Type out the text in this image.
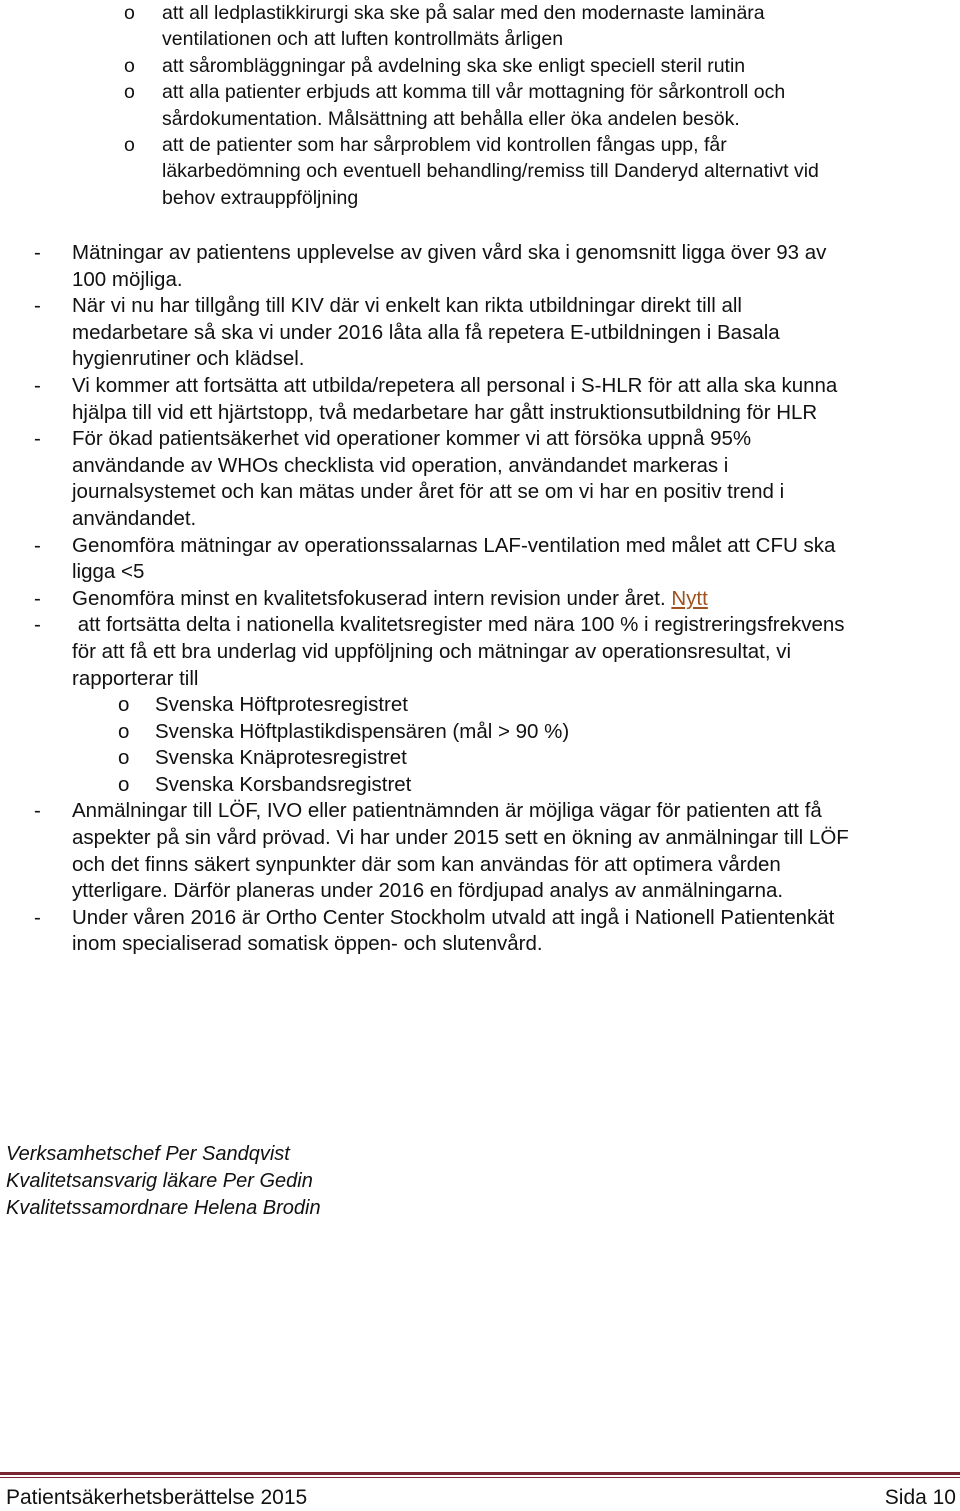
o att all ledplastikkirurgi ska ske på salar med den modernaste laminära
ventilationen och att luften kontrollmäts årligen
o att sårombläggningar på avdelning ska ske enligt speciell steril rutin
o att alla patienter erbjuds att komma till vår mottagning för sårkontroll och
sårdokumentation. Målsättning att behålla eller öka andelen besök.
o att de patienter som har sårproblem vid kontrollen fångas upp, får
läkarbedömning och eventuell behandling/remiss till Danderyd alternativt vid
behov extrauppföljning
- Mätningar av patientens upplevelse av given vård ska i genomsnitt ligga över 93 av
100 möjliga.
- När vi nu har tillgång till KIV där vi enkelt kan rikta utbildningar direkt till all
medarbetare så ska vi under 2016 låta alla få repetera E-utbildningen i Basala
hygienrutiner och klädsel.
- Vi kommer att fortsätta att utbilda/repetera all personal i S-HLR för att alla ska kunna
hjälpa till vid ett hjärtstopp, två medarbetare har gått instruktionsutbildning för HLR
- För ökad patientsäkerhet vid operationer kommer vi att försöka uppnå 95%
användande av WHOs checklista vid operation, användandet markeras i
journalsystemet och kan mätas under året för att se om vi har en positiv trend i
användandet.
- Genomföra mätningar av operationssalarnas LAF-ventilation med målet att CFU ska
ligga <5
- Genomföra minst en kvalitetsfokuserad intern revision under året. Nytt
- att fortsätta delta i nationella kvalitetsregister med nära 100 % i registreringsfrekvens
för att få ett bra underlag vid uppföljning och mätningar av operationsresultat, vi
rapporterar till
o Svenska Höftprotesregistret
o Svenska Höftplastikdispensären (mål > 90 %)
o Svenska Knäprotesregistret
o Svenska Korsbandsregistret
- Anmälningar till LÖF, IVO eller patientnämnden är möjliga vägar för patienten att få
aspekter på sin vård prövad. Vi har under 2015 sett en ökning av anmälningar till LÖF
och det finns säkert synpunkter där som kan användas för att optimera vården
ytterligare. Därför planeras under 2016 en fördjupad analys av anmälningarna.
- Under våren 2016 är Ortho Center Stockholm utvald att ingå i Nationell Patientenkät
inom specialiserad somatisk öppen- och slutenvård.
Verksamhetschef Per Sandqvist
Kvalitetsansvarig läkare Per Gedin
Kvalitetssamordnare Helena Brodin
Patientsäkerhetsberättelse 2015	Sida 10
